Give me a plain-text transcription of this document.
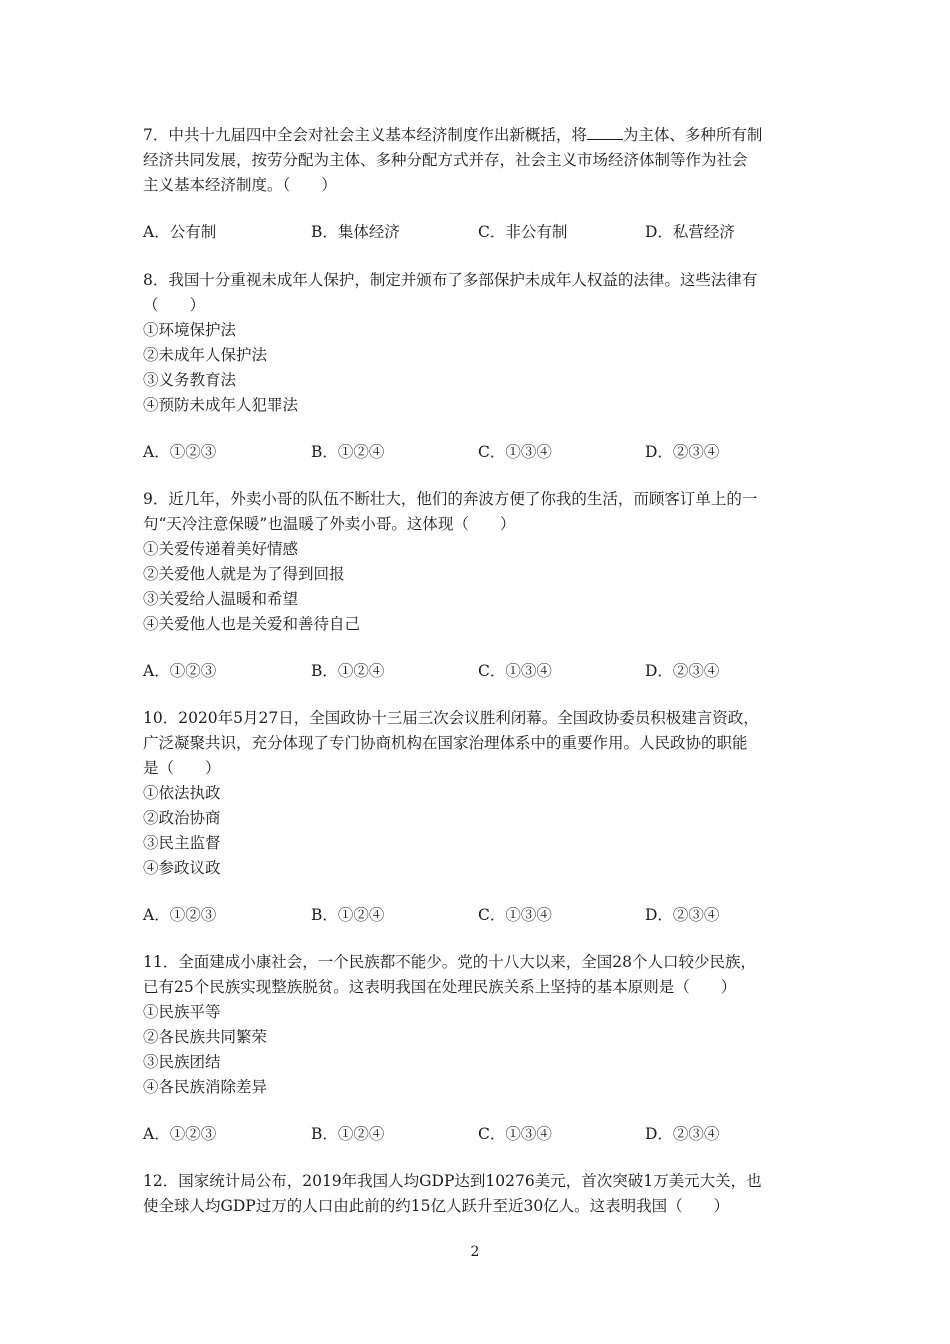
7．中共十九届四中全会对社会主义基本经济制度作出新概括，将 为主体、多种所有制
经济共同发展，按劳分配为主体、多种分配方式并存，社会主义市场经济体制等作为社会
主义基本经济制度。（　　）
A．公有制	B．集体经济	C．非公有制	D．私营经济
8．我国十分重视未成年人保护，制定并颁布了多部保护未成年人权益的法律。这些法律有
（　　）
①环境保护法
②未成年人保护法
③义务教育法
④预防未成年人犯罪法
A．①②③	B．①②④	C．①③④	D．②③④
9．近几年，外卖小哥的队伍不断壮大，他们的奔波方便了你我的生活，而顾客订单上的一
句“天冷注意保暖”也温暖了外卖小哥。这体现（　　）
①关爱传递着美好情感
②关爱他人就是为了得到回报
③关爱给人温暖和希望
④关爱他人也是关爱和善待自己
A．①②③	B．①②④	C．①③④	D．②③④
10．2020年5月27日，全国政协十三届三次会议胜利闭幕。全国政协委员积极建言资政，
广泛凝聚共识，充分体现了专门协商机构在国家治理体系中的重要作用。人民政协的职能
是（　　）
①依法执政
②政治协商
③民主监督
④参政议政
A．①②③	B．①②④	C．①③④	D．②③④
11．全面建成小康社会，一个民族都不能少。党的十八大以来，全国28个人口较少民族，
已有25个民族实现整族脱贫。这表明我国在处理民族关系上坚持的基本原则是（　　）
①民族平等
②各民族共同繁荣
③民族团结
④各民族消除差异
A．①②③	B．①②④	C．①③④	D．②③④
12．国家统计局公布，2019年我国人均GDP达到10276美元，首次突破1万美元大关，也
使全球人均GDP过万的人口由此前的约15亿人跃升至近30亿人。这表明我国（　　）
2
